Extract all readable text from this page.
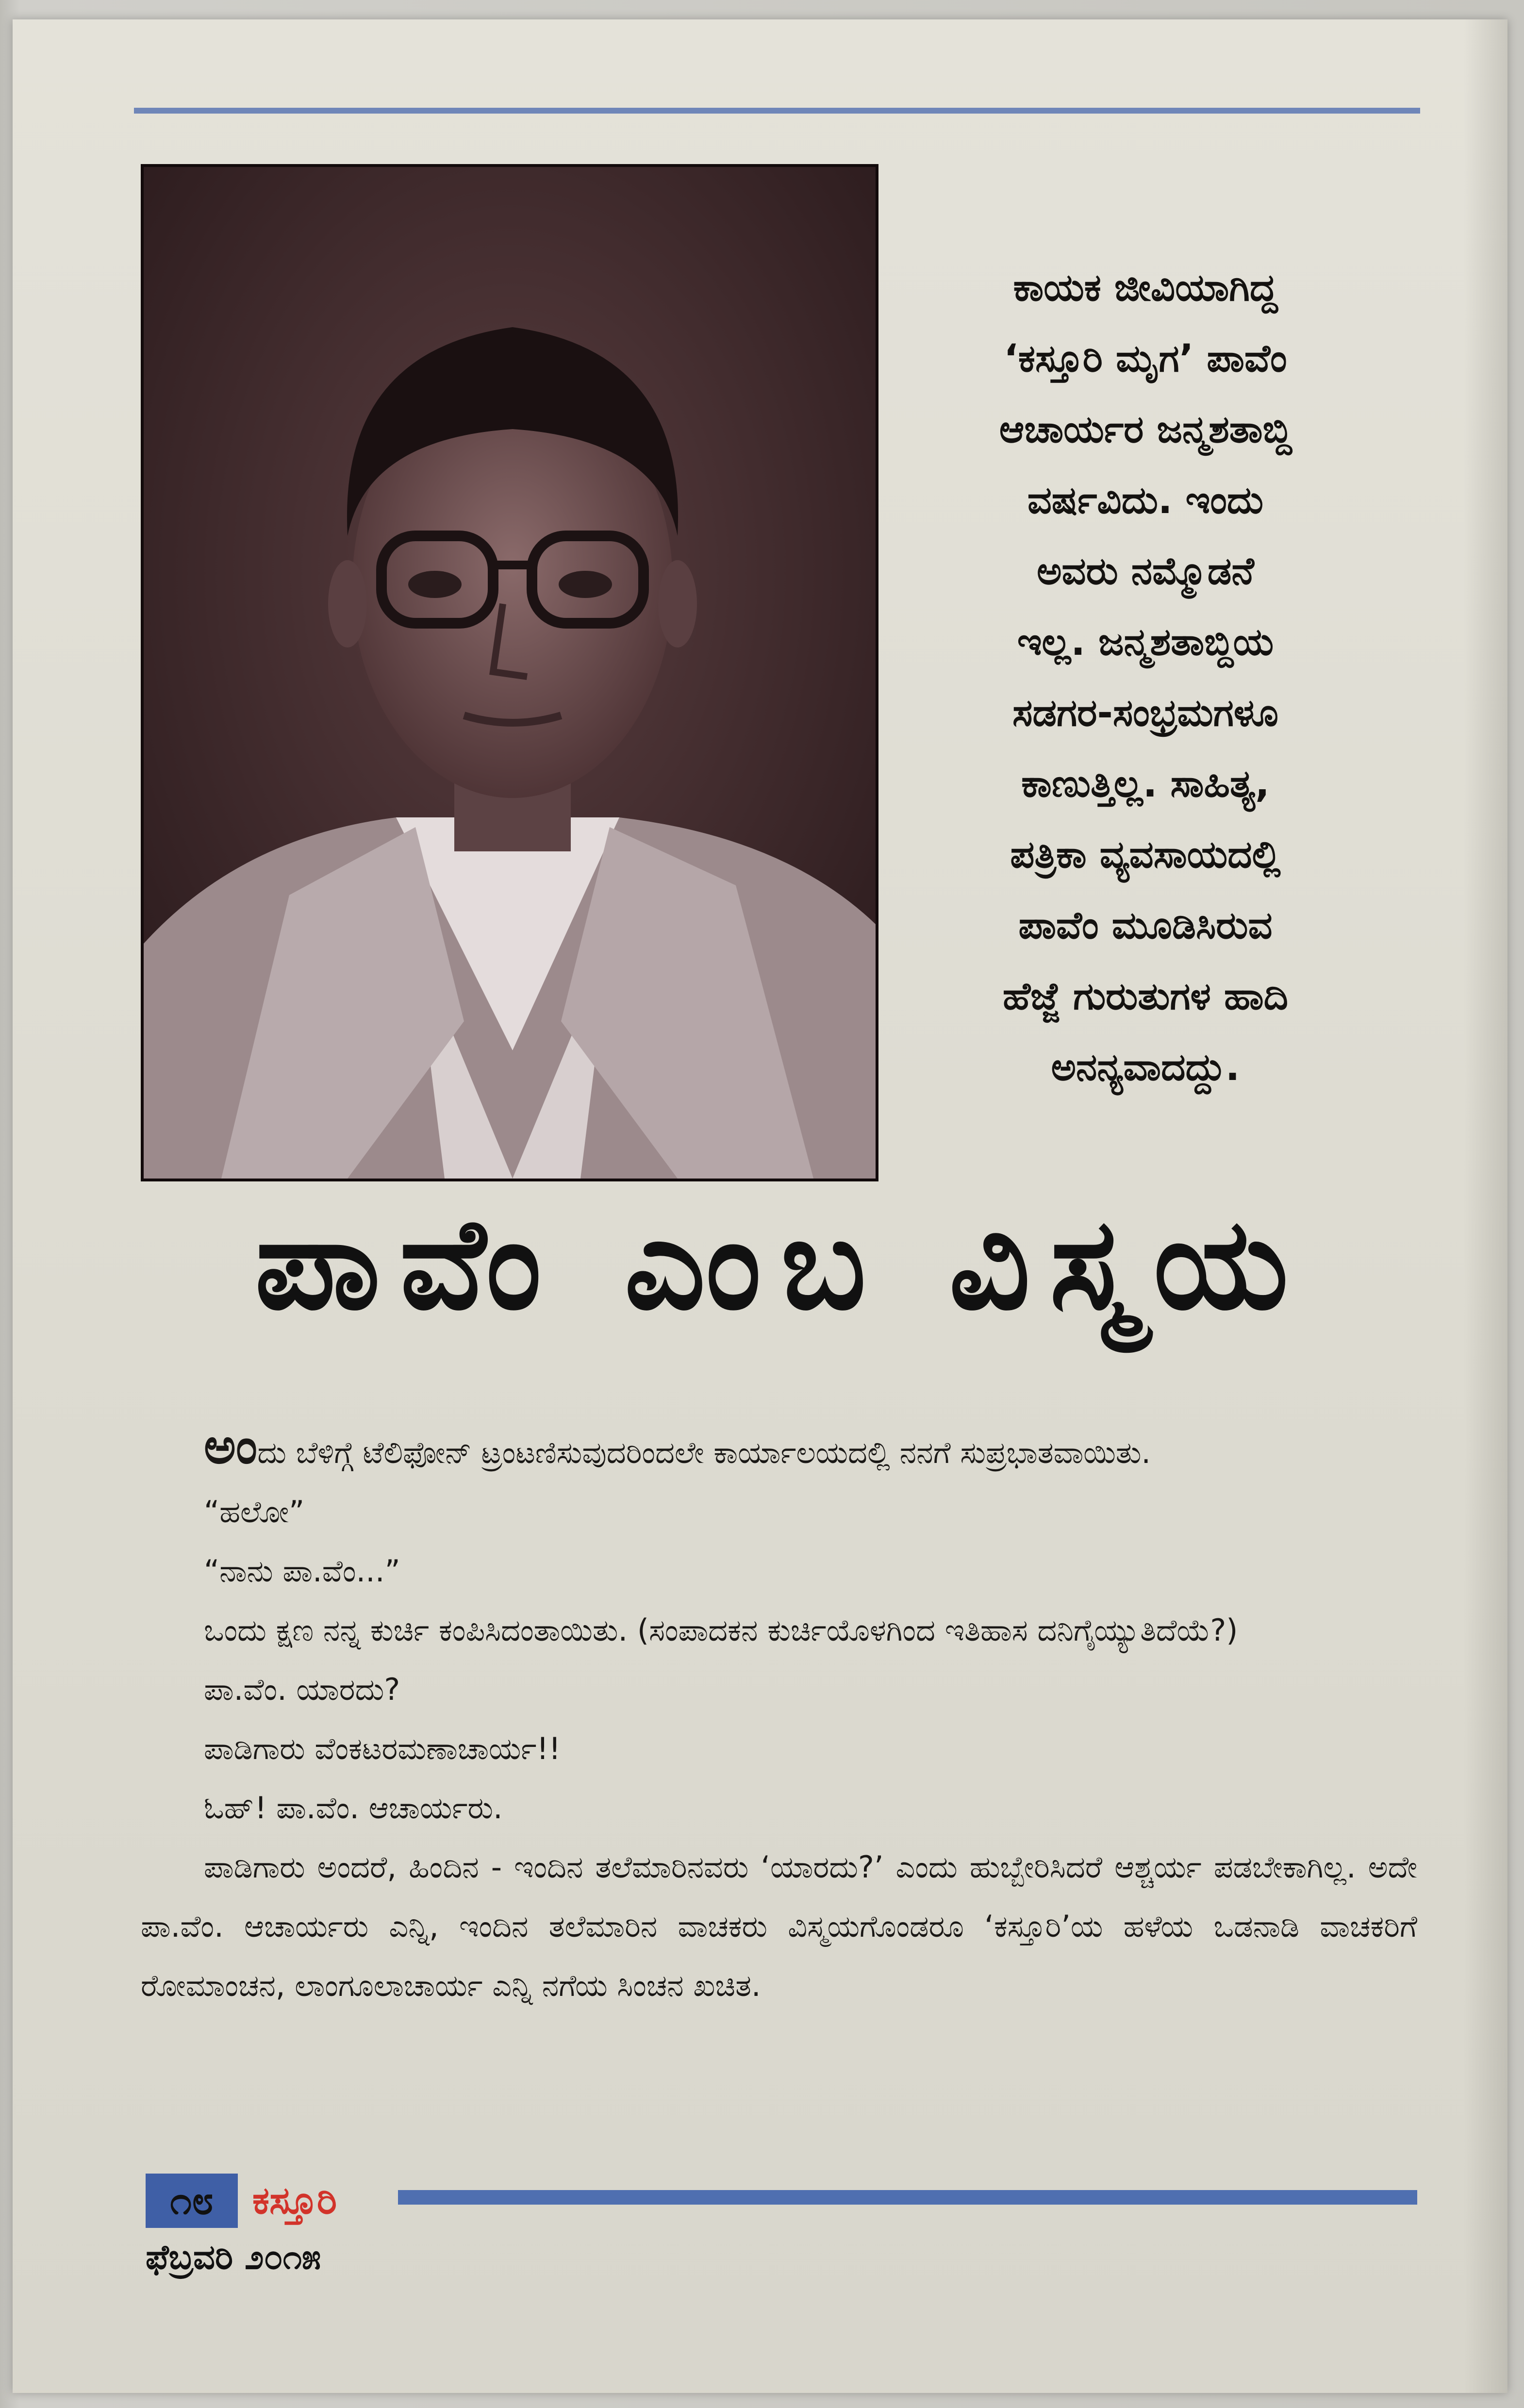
ಕಾಯಕ ಜೀವಿಯಾಗಿದ್ದ
‘ಕಸ್ತೂರಿ ಮೃಗ’ ಪಾವೆಂ
ಆಚಾರ್ಯರ ಜನ್ಮಶತಾಬ್ದಿ
ವರ್ಷವಿದು. ಇಂದು
ಅವರು ನಮ್ಮೊಡನೆ
ಇಲ್ಲ. ಜನ್ಮಶತಾಬ್ದಿಯ
ಸಡಗರ-ಸಂಭ್ರಮಗಳೂ
ಕಾಣುತ್ತಿಲ್ಲ. ಸಾಹಿತ್ಯ,
ಪತ್ರಿಕಾ ವ್ಯವಸಾಯದಲ್ಲಿ
ಪಾವೆಂ ಮೂಡಿಸಿರುವ
ಹೆಜ್ಜೆ ಗುರುತುಗಳ ಹಾದಿ
ಅನನ್ಯವಾದದ್ದು.
ಪಾವೆಂ ಎಂಬ ವಿಸ್ಮಯ

ಅಂದು ಬೆಳಿಗ್ಗೆ ಟೆಲಿಫೋನ್ ಟ್ರಂಟಣಿಸುವುದರಿಂದಲೇ ಕಾರ್ಯಾಲಯದಲ್ಲಿ ನನಗೆ ಸುಪ್ರಭಾತವಾಯಿತು.

“ಹಲೋ”

“ನಾನು ಪಾ.ವೆಂ...”

ಒಂದು ಕ್ಷಣ ನನ್ನ ಕುರ್ಚಿ ಕಂಪಿಸಿದಂತಾಯಿತು. (ಸಂಪಾದಕನ ಕುರ್ಚಿಯೊಳಗಿಂದ ಇತಿಹಾಸ ದನಿಗೈಯ್ಯುತಿದೆಯೆ?)

ಪಾ.ವೆಂ. ಯಾರದು?

ಪಾಡಿಗಾರು ವೆಂಕಟರಮಣಾಚಾರ್ಯ!!

ಓಹ್! ಪಾ.ವೆಂ. ಆಚಾರ್ಯರು.

ಪಾಡಿಗಾರು ಅಂದರೆ, ಹಿಂದಿನ - ಇಂದಿನ ತಲೆಮಾರಿನವರು ‘ಯಾರದು?’ ಎಂದು ಹುಬ್ಬೇರಿಸಿದರೆ ಆಶ್ಚರ್ಯ ಪಡಬೇಕಾಗಿಲ್ಲ. ಅದೇ ಪಾ.ವೆಂ. ಆಚಾರ್ಯರು ಎನ್ನಿ, ಇಂದಿನ ತಲೆಮಾರಿನ ವಾಚಕರು ವಿಸ್ಮಯಗೊಂಡರೂ ‘ಕಸ್ತೂರಿ’ಯ ಹಳೆಯ ಒಡನಾಡಿ ವಾಚಕರಿಗೆ ರೋಮಾಂಚನ, ಲಾಂಗೂಲಾಚಾರ್ಯ ಎನ್ನಿ ನಗೆಯ ಸಿಂಚನ ಖಚಿತ.

೧೮	ಕಸ್ತೂರಿ
ಫೆಬ್ರವರಿ ೨೦೧೫
